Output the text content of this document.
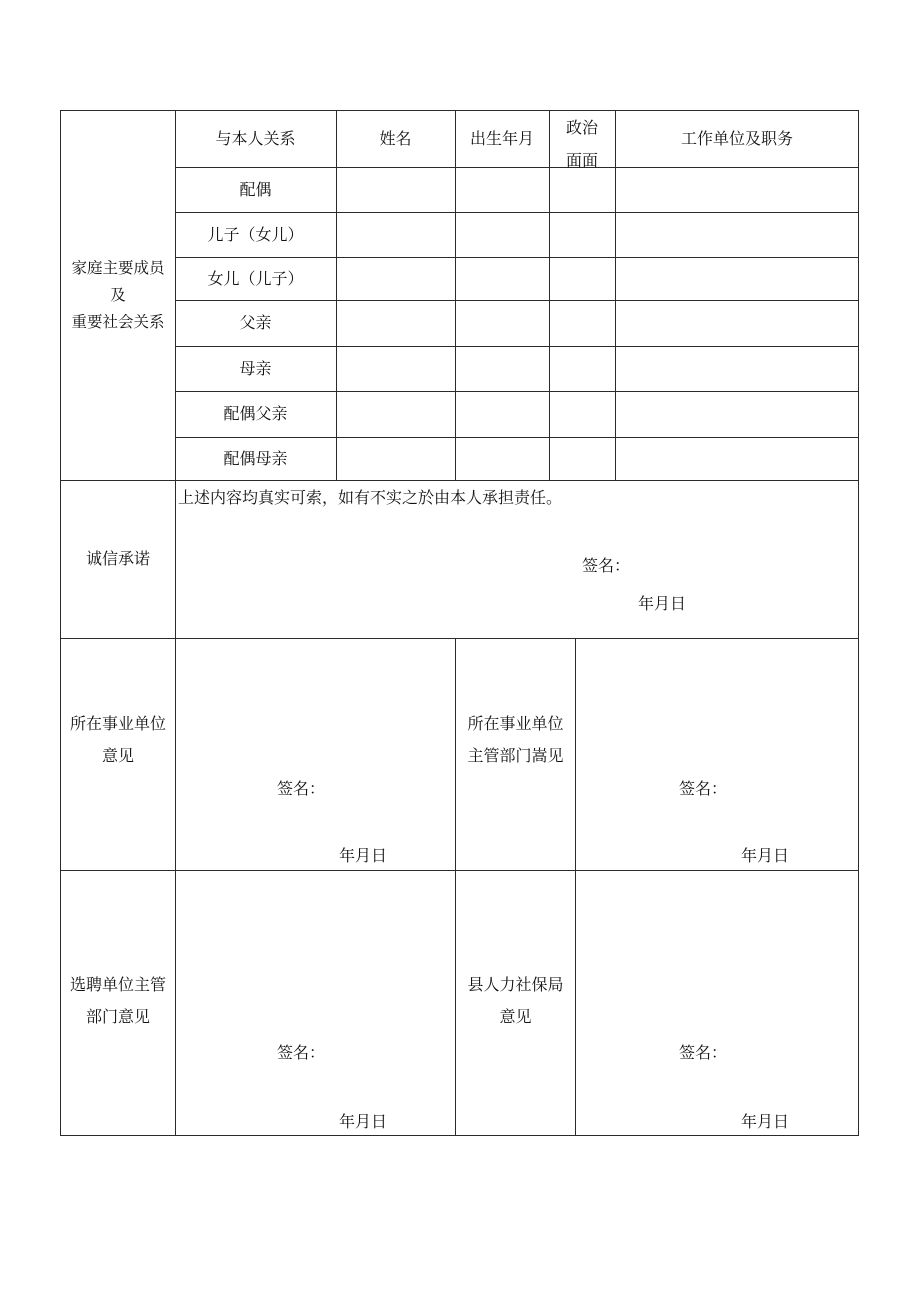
家庭主要成员
及
重要社会关系
与本人关系	姓名	出生年月
政治
面面
工作单位及职务
配偶
儿子（女儿）
女儿（儿子）
父亲
母亲
配偶父亲
配偶母亲
诚信承诺
上述内容均真实可索，如有不实之於由本人承担责任。
签名：
年月日
所在事业单位
意见
签名：
年月日
所在事业单位
主管部门嵩见
签名：
年月日
选聘单位主管
部门意见
签名：
年月日
县人力社保局
意见
签名：
年月日
